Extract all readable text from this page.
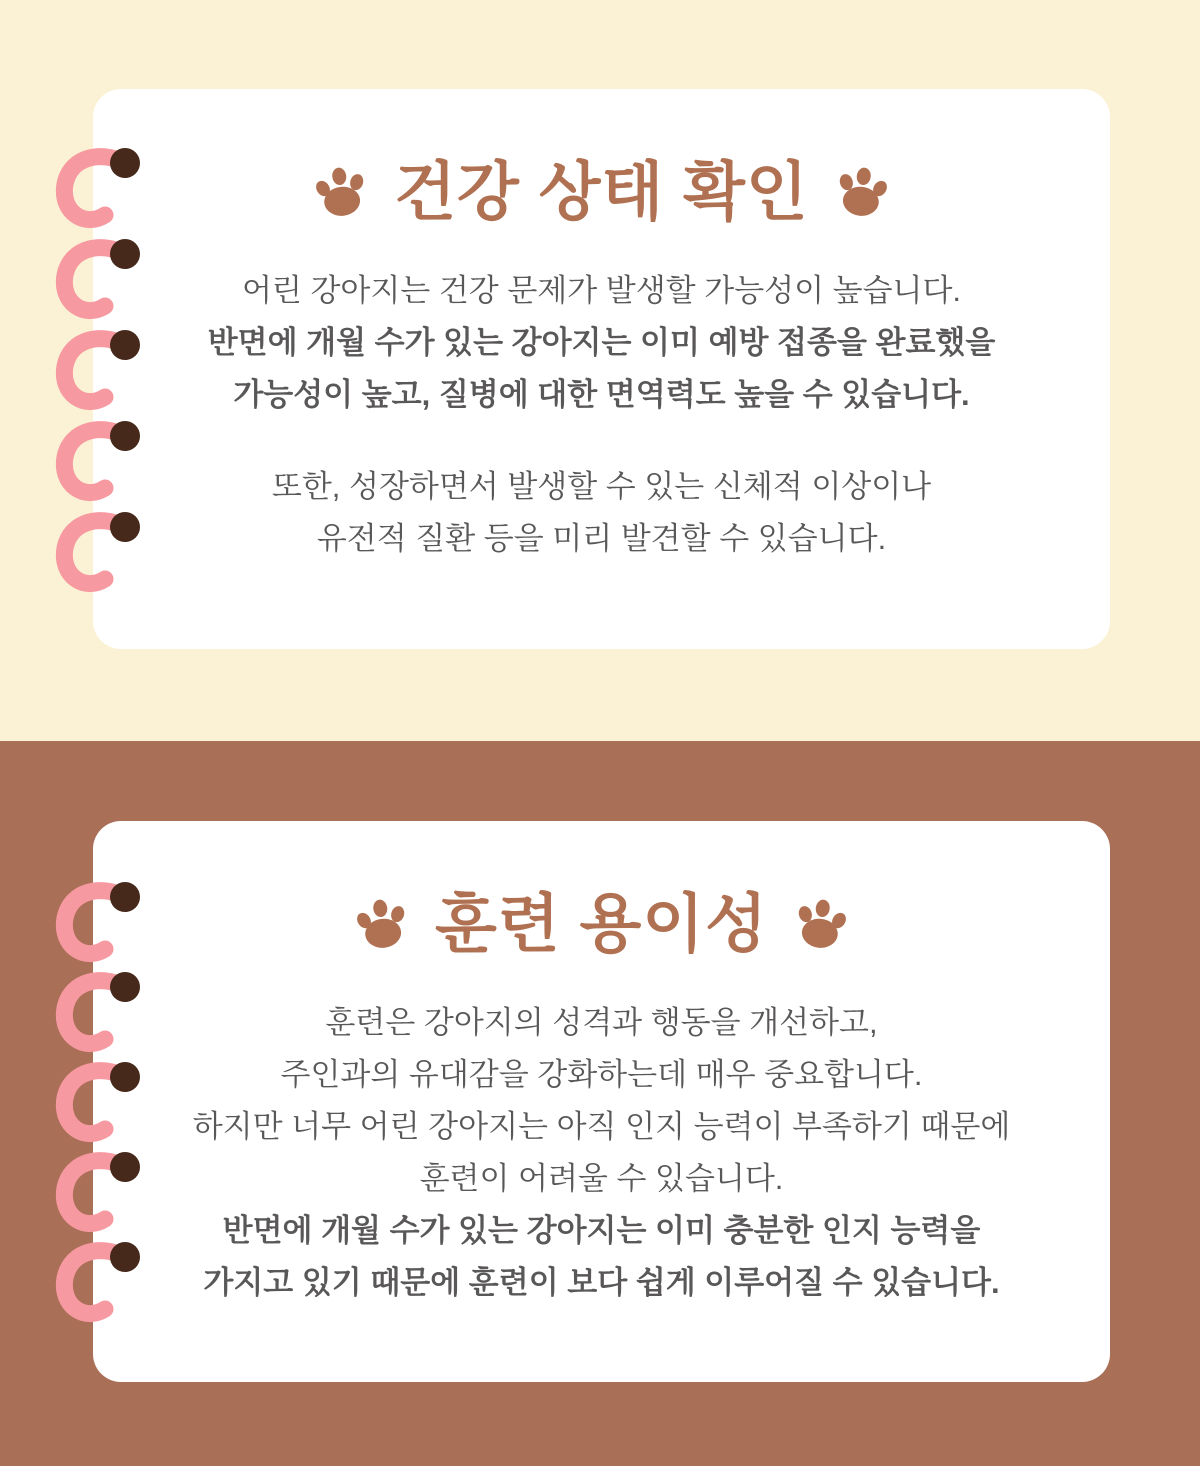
건강 상태 확인

어린 강아지는 건강 문제가 발생할 가능성이 높습니다.
반면에 개월 수가 있는 강아지는 이미 예방 접종을 완료했을
가능성이 높고, 질병에 대한 면역력도 높을 수 있습니다.

또한, 성장하면서 발생할 수 있는 신체적 이상이나
유전적 질환 등을 미리 발견할 수 있습니다.

훈련 용이성

훈련은 강아지의 성격과 행동을 개선하고,
주인과의 유대감을 강화하는데 매우 중요합니다.
하지만 너무 어린 강아지는 아직 인지 능력이 부족하기 때문에
훈련이 어려울 수 있습니다.
반면에 개월 수가 있는 강아지는 이미 충분한 인지 능력을
가지고 있기 때문에 훈련이 보다 쉽게 이루어질 수 있습니다.
